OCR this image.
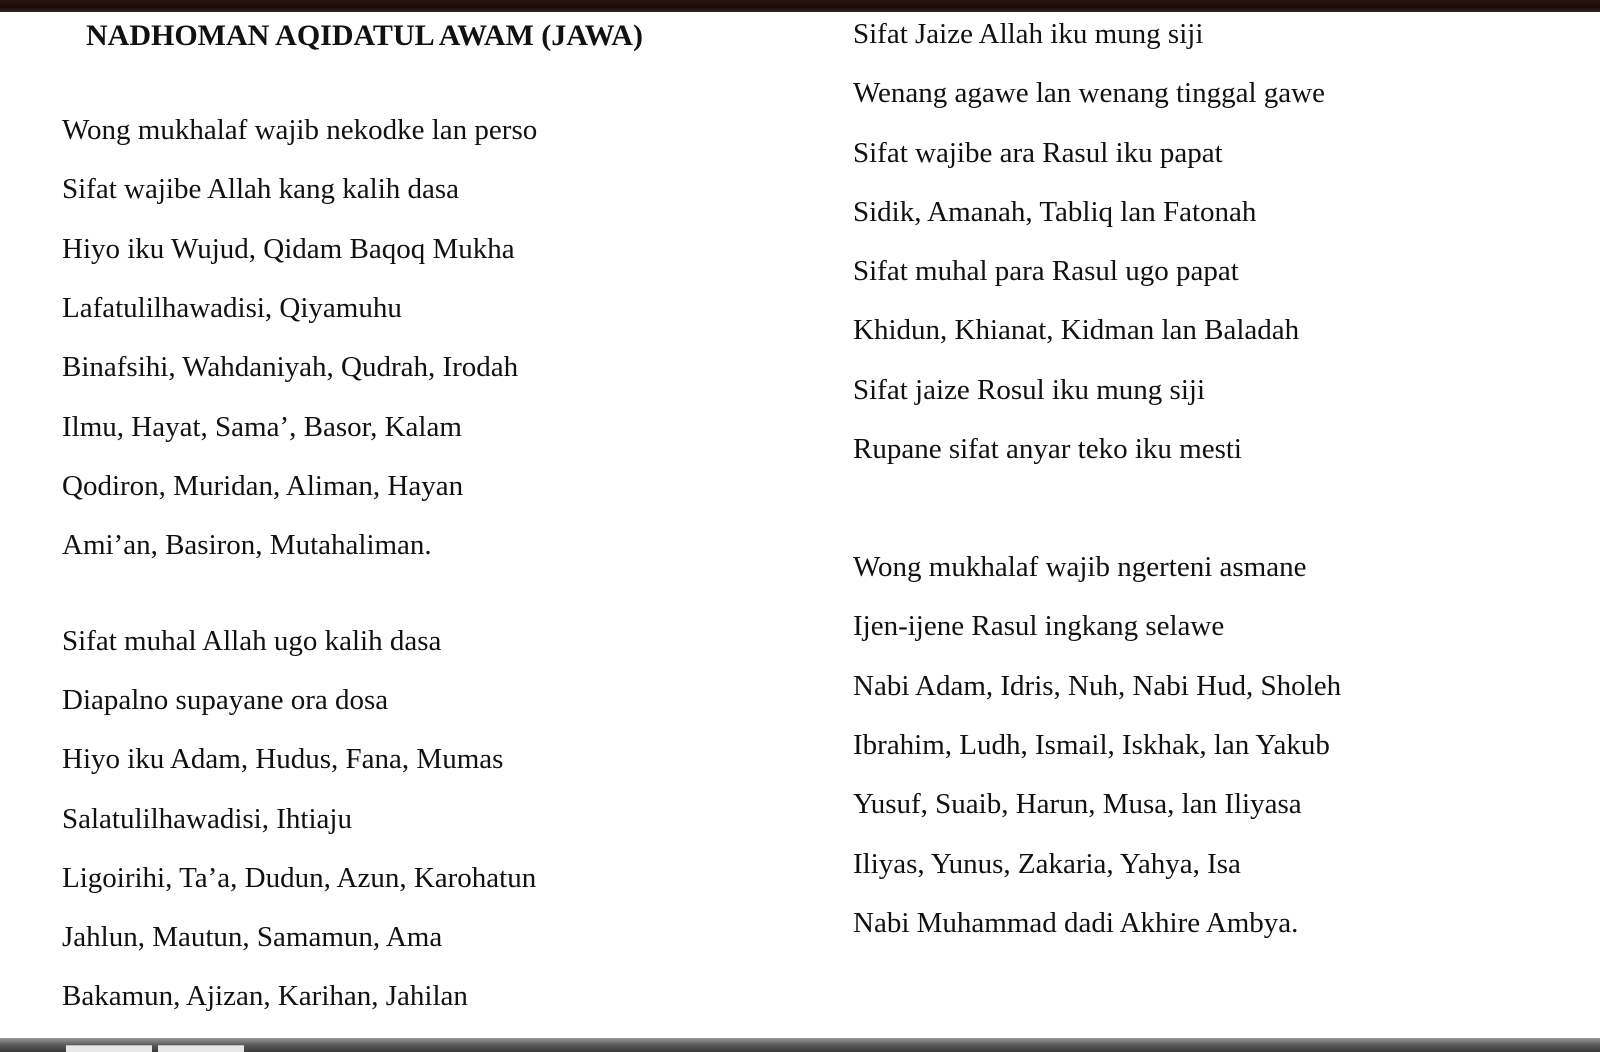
NADHOMAN AQIDATUL AWAM (JAWA)
Wong mukhalaf wajib nekodke lan perso
Sifat wajibe Allah kang kalih dasa
Hiyo iku Wujud, Qidam Baqoq Mukha
Lafatulilhawadisi, Qiyamuhu
Binafsihi, Wahdaniyah, Qudrah, Irodah
Ilmu, Hayat, Sama’, Basor, Kalam
Qodiron, Muridan, Aliman, Hayan
Ami’an, Basiron, Mutahaliman.
Sifat muhal Allah ugo kalih dasa
Diapalno supayane ora dosa
Hiyo iku Adam, Hudus, Fana, Mumas
Salatulilhawadisi, Ihtiaju
Ligoirihi, Ta’a, Dudun, Azun, Karohatun
Jahlun, Mautun, Samamun, Ama
Bakamun, Ajizan, Karihan, Jahilan
Sifat Jaize Allah iku mung siji
Wenang agawe lan wenang tinggal gawe
Sifat wajibe ara Rasul iku papat
Sidik, Amanah, Tabliq lan Fatonah
Sifat muhal para Rasul ugo papat
Khidun, Khianat, Kidman lan Baladah
Sifat jaize Rosul iku mung siji
Rupane sifat anyar teko iku mesti
Wong mukhalaf wajib ngerteni asmane
Ijen-ijene Rasul ingkang selawe
Nabi Adam, Idris, Nuh, Nabi Hud, Sholeh
Ibrahim, Ludh, Ismail, Iskhak, lan Yakub
Yusuf, Suaib, Harun, Musa, lan Iliyasa
Iliyas, Yunus, Zakaria, Yahya, Isa
Nabi Muhammad dadi Akhire Ambya.
